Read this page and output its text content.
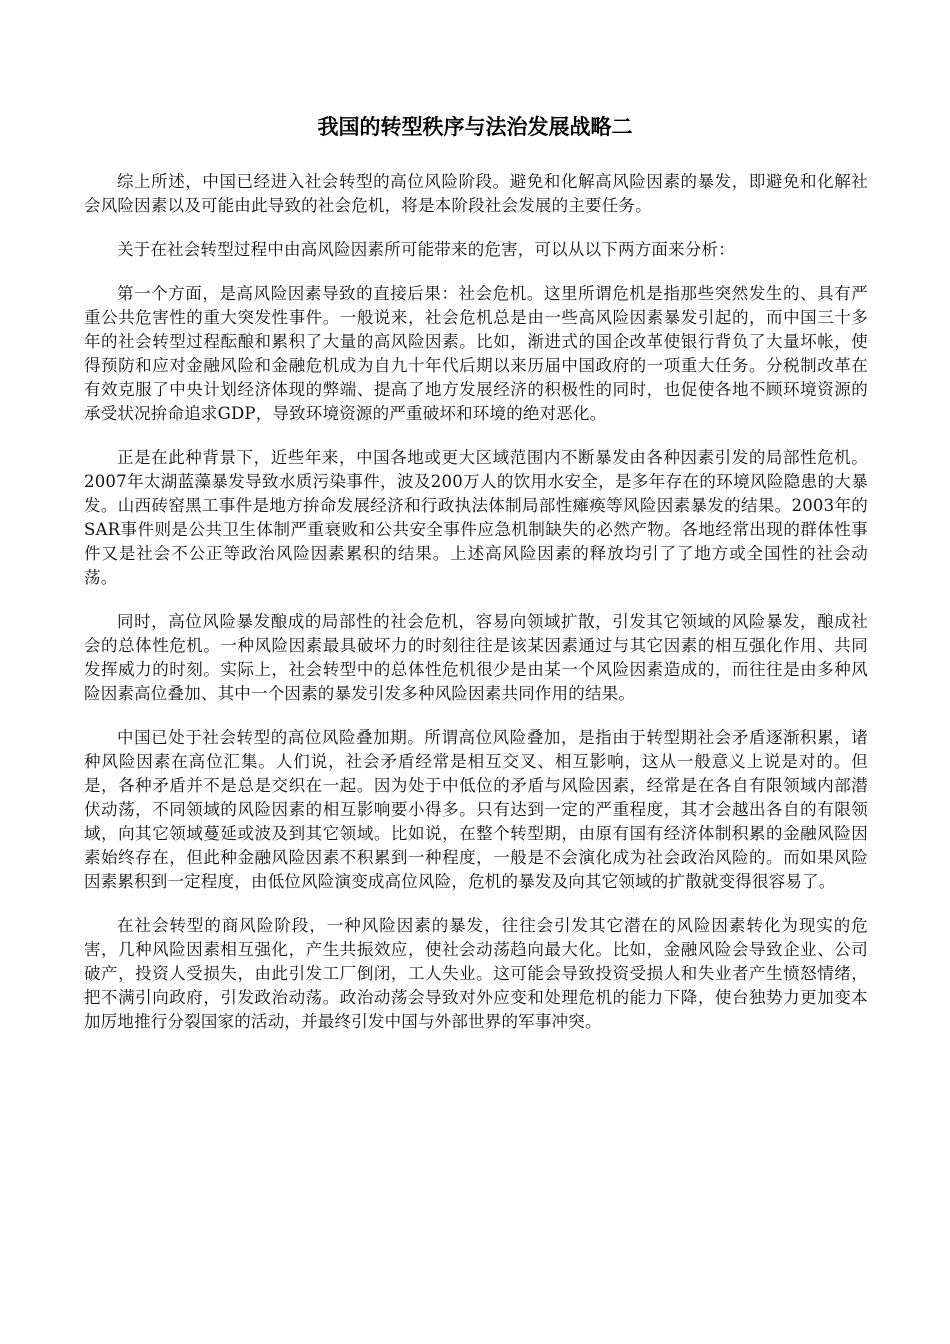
我国的转型秩序与法治发展战略二

综上所述，中国已经进入社会转型的高位风险阶段。避免和化解高风险因素的暴发，即避免和化解社会风险因素以及可能由此导致的社会危机，将是本阶段社会发展的主要任务。

关于在社会转型过程中由高风险因素所可能带来的危害，可以从以下两方面来分析：

第一个方面，是高风险因素导致的直接后果：社会危机。这里所谓危机是指那些突然发生的、具有严重公共危害性的重大突发性事件。一般说来，社会危机总是由一些高风险因素暴发引起的，而中国三十多年的社会转型过程酝酿和累积了大量的高风险因素。比如，渐进式的国企改革使银行背负了大量坏帐，使得预防和应对金融风险和金融危机成为自九十年代后期以来历届中国政府的一项重大任务。分税制改革在有效克服了中央计划经济体现的弊端、提高了地方发展经济的积极性的同时，也促使各地不顾环境资源的承受状况拚命追求GDP，导致环境资源的严重破坏和环境的绝对恶化。

正是在此种背景下，近些年来，中国各地或更大区域范围内不断暴发由各种因素引发的局部性危机。2007年太湖蓝藻暴发导致水质污染事件，波及200万人的饮用水安全，是多年存在的环境风险隐患的大暴发。山西砖窑黑工事件是地方拚命发展经济和行政执法体制局部性瘫痪等风险因素暴发的结果。2003年的SAR事件则是公共卫生体制严重衰败和公共安全事件应急机制缺失的必然产物。各地经常出现的群体性事件又是社会不公正等政治风险因素累积的结果。上述高风险因素的释放均引了了地方或全国性的社会动荡。

同时，高位风险暴发酿成的局部性的社会危机，容易向领域扩散，引发其它领域的风险暴发，酿成社会的总体性危机。一种风险因素最具破坏力的时刻往往是该某因素通过与其它因素的相互强化作用、共同发挥威力的时刻。实际上，社会转型中的总体性危机很少是由某一个风险因素造成的，而往往是由多种风险因素高位叠加、其中一个因素的暴发引发多种风险因素共同作用的结果。

中国已处于社会转型的高位风险叠加期。所谓高位风险叠加，是指由于转型期社会矛盾逐渐积累，诸种风险因素在高位汇集。人们说，社会矛盾经常是相互交叉、相互影响，这从一般意义上说是对的。但是，各种矛盾并不是总是交织在一起。因为处于中低位的矛盾与风险因素，经常是在各自有限领域内部潜伏动荡，不同领域的风险因素的相互影响要小得多。只有达到一定的严重程度，其才会越出各自的有限领域，向其它领域蔓延或波及到其它领域。比如说，在整个转型期，由原有国有经济体制积累的金融风险因素始终存在，但此种金融风险因素不积累到一种程度，一般是不会演化成为社会政治风险的。而如果风险因素累积到一定程度，由低位风险演变成高位风险，危机的暴发及向其它领域的扩散就变得很容易了。

在社会转型的商风险阶段，一种风险因素的暴发，往往会引发其它潜在的风险因素转化为现实的危害，几种风险因素相互强化，产生共振效应，使社会动荡趋向最大化。比如，金融风险会导致企业、公司破产，投资人受损失，由此引发工厂倒闭，工人失业。这可能会导致投资受损人和失业者产生愤怒情绪，把不满引向政府，引发政治动荡。政治动荡会导致对外应变和处理危机的能力下降，使台独势力更加变本加厉地推行分裂国家的活动，并最终引发中国与外部世界的军事冲突。
